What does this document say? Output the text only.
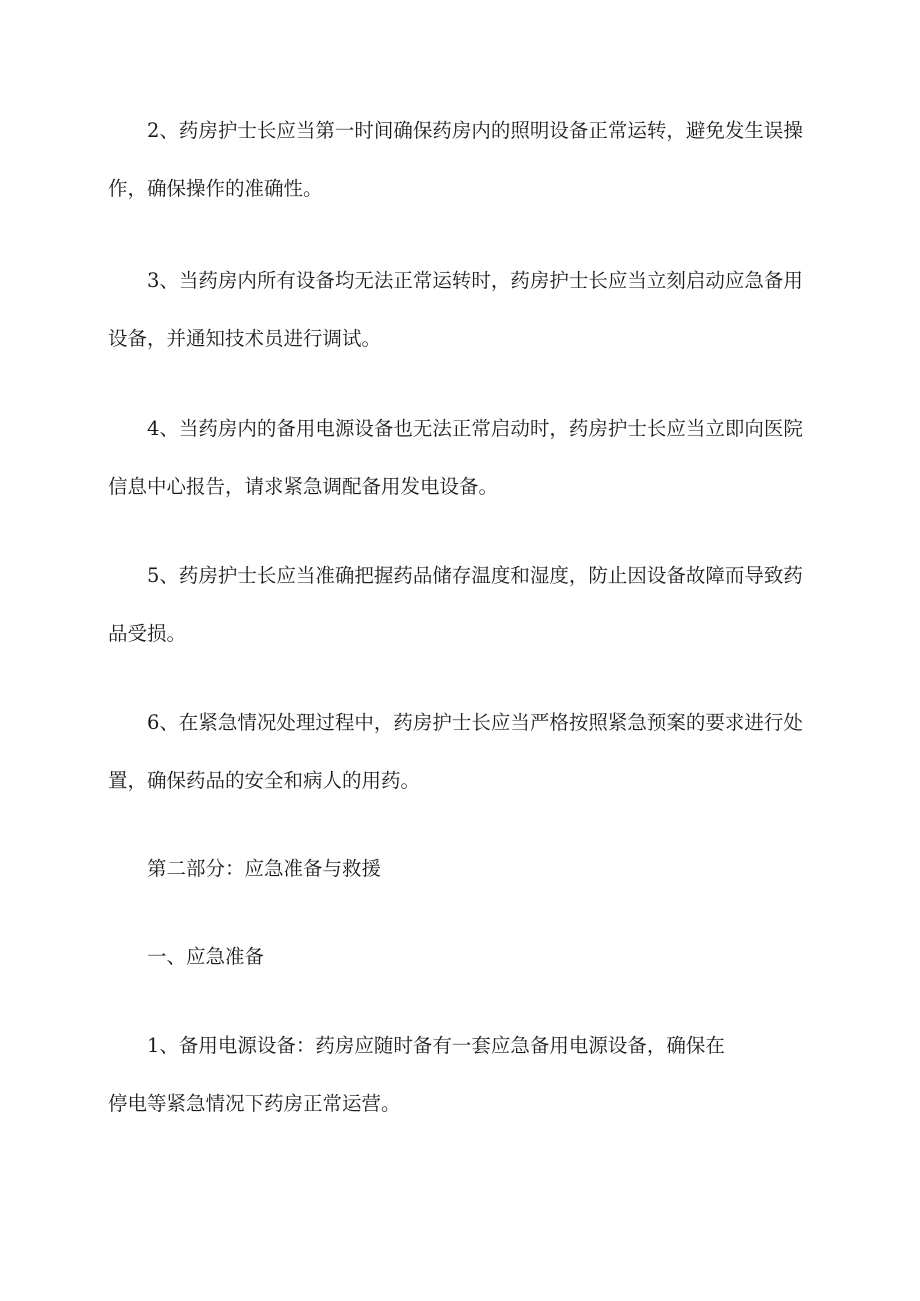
2、药房护士长应当第一时间确保药房内的照明设备正常运转，避免发生误操
作，确保操作的准确性。
3、当药房内所有设备均无法正常运转时，药房护士长应当立刻启动应急备用
设备，并通知技术员进行调试。
4、当药房内的备用电源设备也无法正常启动时，药房护士长应当立即向医院
信息中心报告，请求紧急调配备用发电设备。
5、药房护士长应当准确把握药品储存温度和湿度，防止因设备故障而导致药
品受损。
6、在紧急情况处理过程中，药房护士长应当严格按照紧急预案的要求进行处
置，确保药品的安全和病人的用药。
第二部分：应急准备与救援
一、应急准备
1、备用电源设备：药房应随时备有一套应急备用电源设备，确保在
停电等紧急情况下药房正常运营。
